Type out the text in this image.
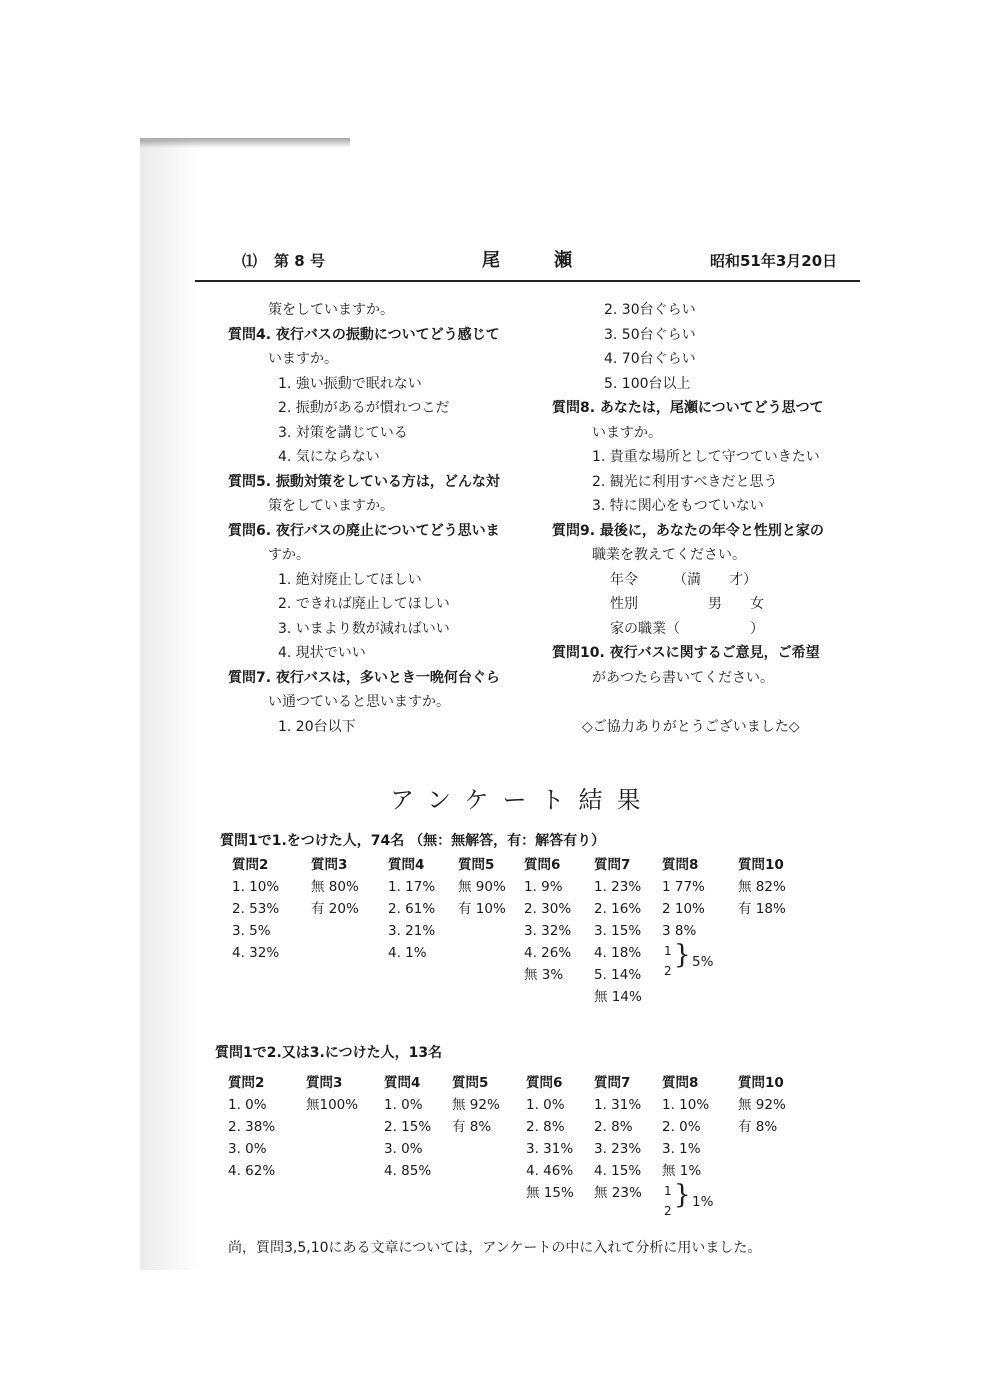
⑴ 第 8 号	尾　　　瀬	昭和51年3月20日
策をしていますか。
質問4. 夜行バスの振動についてどう感じて
いますか。
1. 強い振動で眠れない
2. 振動があるが慣れつこだ
3. 対策を講じている
4. 気にならない
質問5. 振動対策をしている方は，どんな対
策をしていますか。
質問6. 夜行バスの廃止についてどう思いま
すか。
1. 絶対廃止してほしい
2. できれば廃止してほしい
3. いまより数が減ればいい
4. 現状でいい
質問7. 夜行バスは，多いとき一晩何台ぐら
い通つていると思いますか。
1. 20台以下
2. 30台ぐらい
3. 50台ぐらい
4. 70台ぐらい
5. 100台以上
質問8. あなたは，尾瀬についてどう思つて
いますか。
1. 貴重な場所として守つていきたい
2. 観光に利用すべきだと思う
3. 特に関心をもつていない
質問9. 最後に，あなたの年令と性別と家の
職業を教えてください。
年令　　　（満　　才）
性別　　　　　男　　女
家の職業（　　　　　）
質問10. 夜行バスに関するご意見，ご希望
があつたら書いてください。

◇ご協力ありがとうございました◇
アンケート結果
質問1で1.をつけた人，74名 （無：無解答，有：解答有り）
質問2
1. 10%
2. 53%
3. 5%
4. 32%
質問3
無 80%
有 20%
質問4
1. 17%
2. 61%
3. 21%
4. 1%
質問5
無 90%
有 10%
質問6
1. 9%
2. 30%
3. 32%
4. 26%
無 3%
質問7
1. 23%
2. 16%
3. 15%
4. 18%
5. 14%
無 14%
質問8
1 77%
2 10%
3 8%
1
2
} 5%
質問10
無 82%
有 18%
質問1で2.又は3.につけた人，13名
質問2
1. 0%
2. 38%
3. 0%
4. 62%
質問3
無100%
質問4
1. 0%
2. 15%
3. 0%
4. 85%
質問5
無 92%
有 8%
質問6
1. 0%
2. 8%
3. 31%
4. 46%
無 15%
質問7
1. 31%
2. 8%
3. 23%
4. 15%
無 23%
質問8
1. 10%
2. 0%
3. 1%
無 1%
1
2
} 1%
質問10
無 92%
有 8%
尚，質問3,5,10にある文章については，アンケートの中に入れて分析に用いました。
